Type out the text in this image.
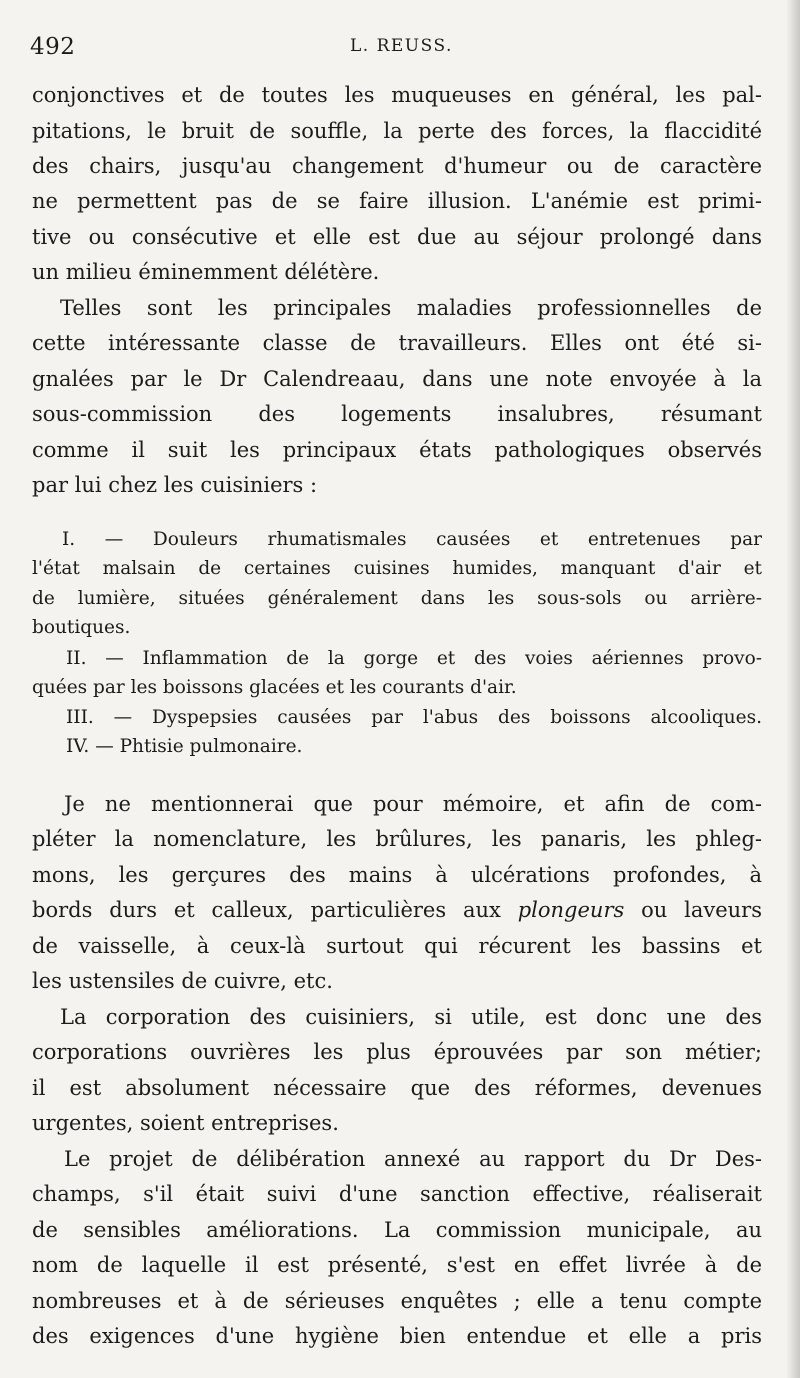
492	L. REUSS.
conjonctives et de toutes les muqueuses en général, les pal-
pitations, le bruit de souffle, la perte des forces, la flaccidité
des chairs, jusqu'au changement d'humeur ou de caractère
ne permettent pas de se faire illusion. L'anémie est primi-
tive ou consécutive et elle est due au séjour prolongé dans
un milieu éminemment délétère.
Telles sont les principales maladies professionnelles de
cette intéressante classe de travailleurs. Elles ont été si-
gnalées par le Dr Calendreaau, dans une note envoyée à la
sous-commission des logements insalubres, résumant
comme il suit les principaux états pathologiques observés
par lui chez les cuisiniers :
I. — Douleurs rhumatismales causées et entretenues par
l'état malsain de certaines cuisines humides, manquant d'air et
de lumière, situées généralement dans les sous-sols ou arrière-
boutiques.
II. — Inflammation de la gorge et des voies aériennes provo-
quées par les boissons glacées et les courants d'air.
III. — Dyspepsies causées par l'abus des boissons alcooliques.
IV. — Phtisie pulmonaire.
Je ne mentionnerai que pour mémoire, et afin de com-
pléter la nomenclature, les brûlures, les panaris, les phleg-
mons, les gerçures des mains à ulcérations profondes, à
bords durs et calleux, particulières aux plongeurs ou laveurs
de vaisselle, à ceux-là surtout qui récurent les bassins et
les ustensiles de cuivre, etc.
La corporation des cuisiniers, si utile, est donc une des
corporations ouvrières les plus éprouvées par son métier;
il est absolument nécessaire que des réformes, devenues
urgentes, soient entreprises.
Le projet de délibération annexé au rapport du Dr Des-
champs, s'il était suivi d'une sanction effective, réaliserait
de sensibles améliorations. La commission municipale, au
nom de laquelle il est présenté, s'est en effet livrée à de
nombreuses et à de sérieuses enquêtes ; elle a tenu compte
des exigences d'une hygiène bien entendue et elle a pris
